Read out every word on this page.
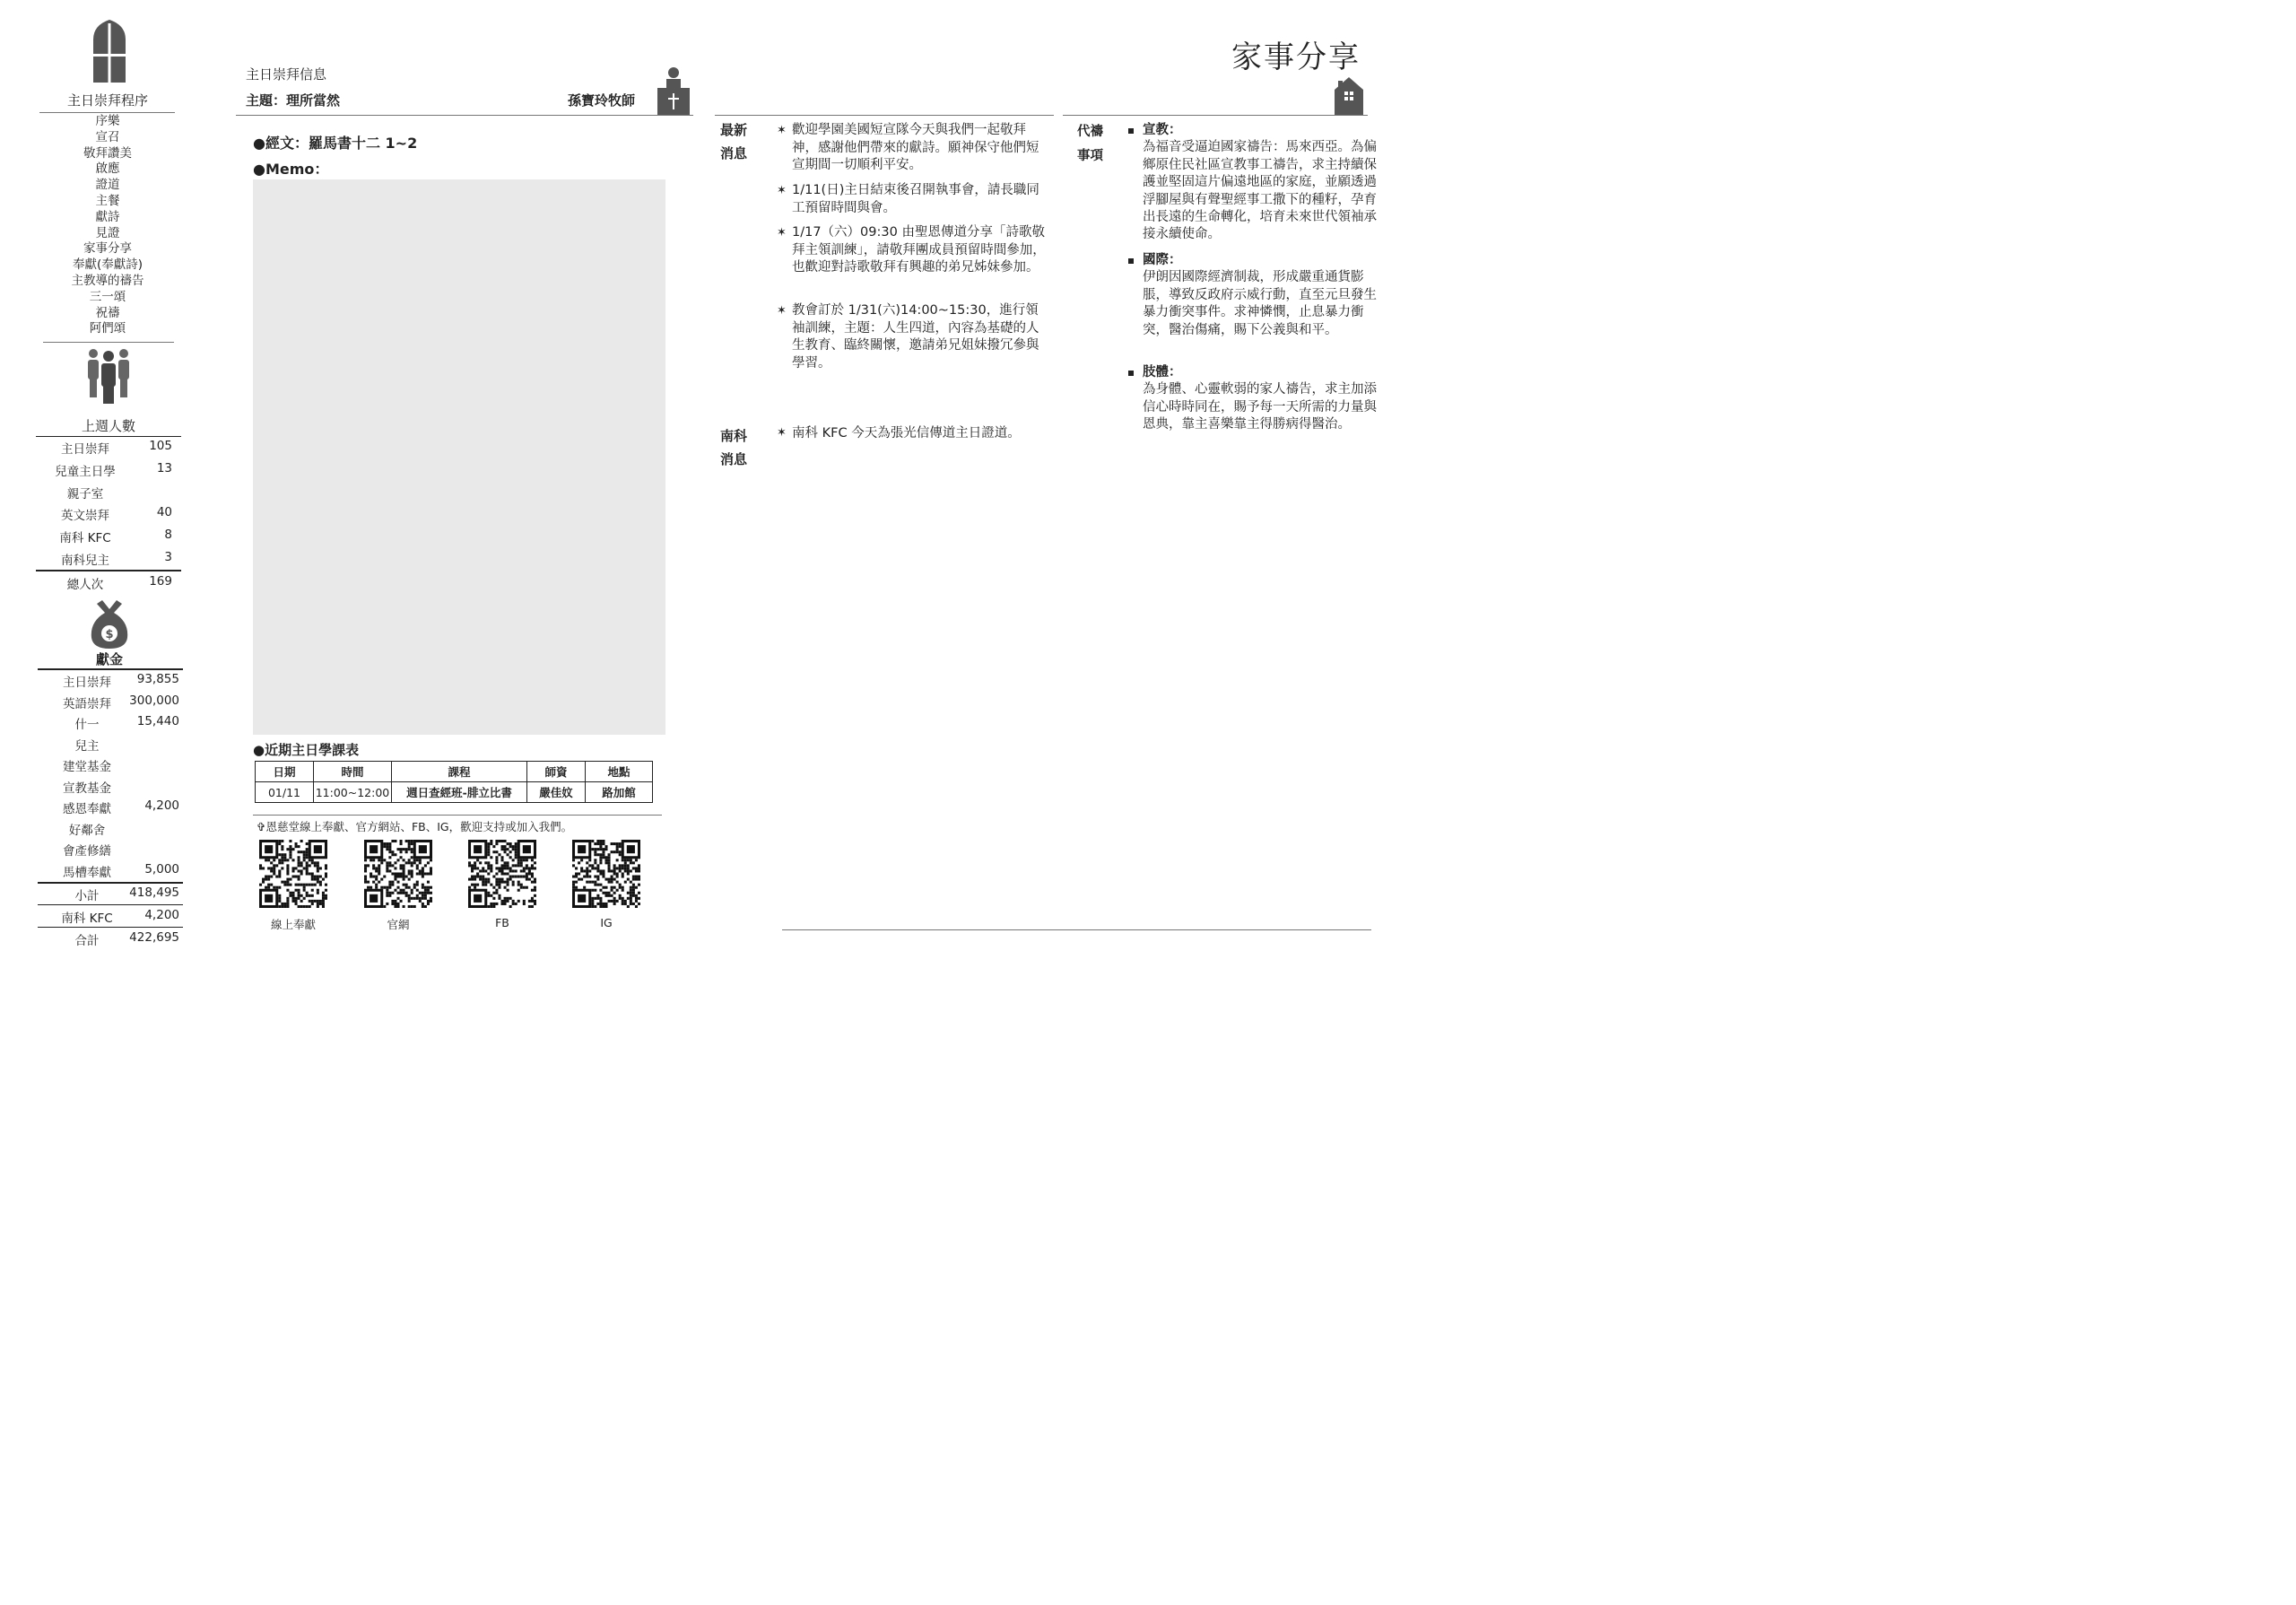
主日崇拜程序
序樂
宣召
敬拜讚美
啟應
證道
主餐
獻詩
見證
家事分享
奉獻(奉獻詩)
主教導的禱告
三一頌
祝禱
阿們頌
上週人數
主日崇拜	105
兒童主日學	13
親子室
英文崇拜	40
南科 KFC	8
南科兒主	3
總人次	169
$
獻金
主日崇拜	93,855
英語崇拜	300,000
什一	15,440
兒主
建堂基金
宣教基金
感恩奉獻	4,200
好鄰舍
會產修繕
馬槽奉獻	5,000
小計	418,495
南科 KFC	4,200
合計	422,695
主日崇拜信息
主題：理所當然	孫寶玲牧師
●經文：羅馬書十二 1~2
●Memo：
●近期主日學課表
日期	時間	課程	師資	地點
01/11	11:00~12:00	週日查經班-腓立比書	嚴佳妏	路加館
✞恩慈堂線上奉獻、官方網站、FB、IG，歡迎支持或加入我們。
線上奉獻	官網	FB	IG
家事分享
最新
消息
✶ 歡迎學園美國短宣隊今天與我們一起敬拜神，感謝他們帶來的獻詩。願神保守他們短宣期間一切順利平安。
✶ 1/11(日)主日結束後召開執事會，請長職同工預留時間與會。
✶ 1/17（六）09:30 由聖恩傳道分享「詩歌敬拜主領訓練」，請敬拜團成員預留時間參加，也歡迎對詩歌敬拜有興趣的弟兄姊妹參加。
✶ 教會訂於 1/31(六)14:00~15:30，進行領袖訓練，主題：人生四道，內容為基礎的人生教育、臨終關懷，邀請弟兄姐妹撥冗參與學習。
南科
消息
✶ 南科 KFC 今天為張光信傳道主日證道。
代禱
事項
宣教：
為福音受逼迫國家禱告：馬來西亞。為偏鄉原住民社區宣教事工禱告，求主持續保護並堅固這片偏遠地區的家庭，並願透過浮腳屋與有聲聖經事工撒下的種籽，孕育出長遠的生命轉化，培育未來世代領袖承接永續使命。
國際：
伊朗因國際經濟制裁，形成嚴重通貨膨脹，導致反政府示威行動，直至元旦發生暴力衝突事件。求神憐憫，止息暴力衝突，醫治傷痛，賜下公義與和平。
肢體：
為身體、心靈軟弱的家人禱告，求主加添信心時時同在，賜予每一天所需的力量與恩典，靠主喜樂靠主得勝病得醫治。
